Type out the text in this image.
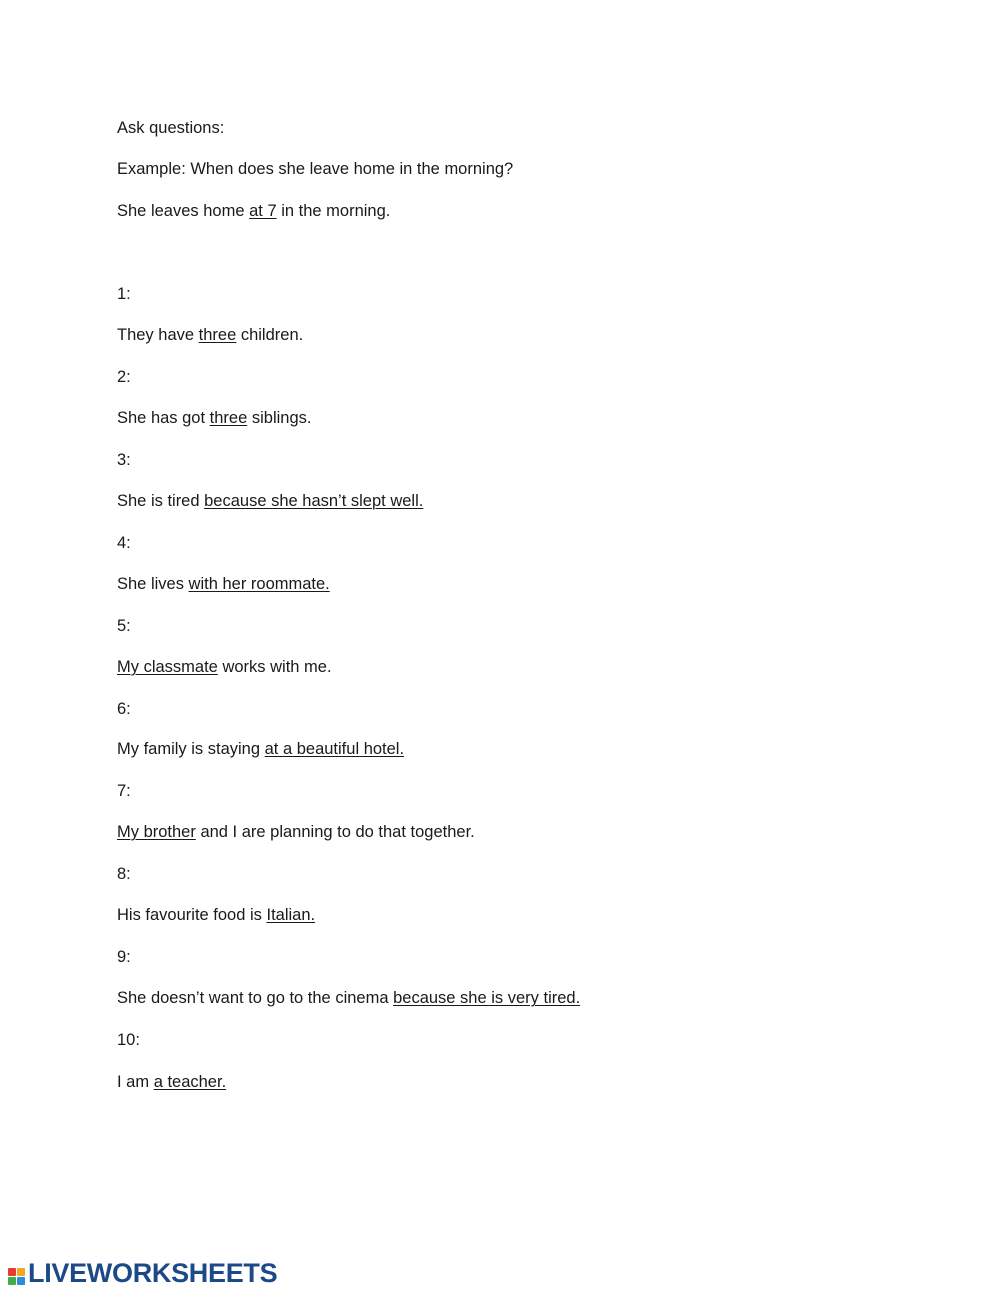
Ask questions:
Example: When does she leave home in the morning?
She leaves home at 7 in the morning.
1:
They have three children.
2:
She has got three siblings.
3:
She is tired because she hasn’t slept well.
4:
She lives with her roommate.
5:
My classmate works with me.
6:
My family is staying at a beautiful hotel.
7:
My brother and I are planning to do that together.
8:
His favourite food is Italian.
9:
She doesn’t want to go to the cinema because she is very tired.
10:
I am a teacher.
LIVEWORKSHEETS
